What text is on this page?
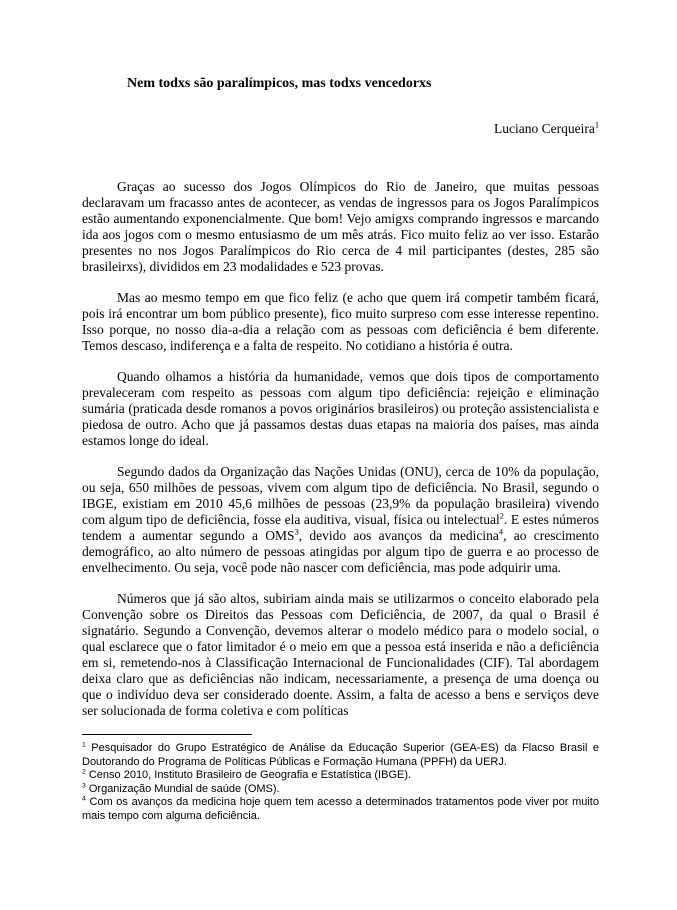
Nem todxs são paralímpicos, mas todxs vencedorxs
Luciano Cerqueira$^1$

Graças ao sucesso dos Jogos Olímpicos do Rio de Janeiro, que muitas pessoas declaravam um fracasso antes de acontecer, as vendas de ingressos para os Jogos Paralímpicos estão aumentando exponencialmente. Que bom! Vejo amigxs comprando ingressos e marcando ida aos jogos com o mesmo entusiasmo de um mês atrás. Fico muito feliz ao ver isso. Estarão presentes no nos Jogos Paralímpicos do Rio cerca de 4 mil participantes (destes, 285 são brasileirxs), divididos em 23 modalidades e 523 provas.

Mas ao mesmo tempo em que fico feliz (e acho que quem irá competir também ficará, pois irá encontrar um bom público presente), fico muito surpreso com esse interesse repentino. Isso porque, no nosso dia-a-dia a relação com as pessoas com deficiência é bem diferente. Temos descaso, indiferença e a falta de respeito. No cotidiano a história é outra.

Quando olhamos a história da humanidade, vemos que dois tipos de comportamento prevaleceram com respeito as pessoas com algum tipo deficiência: rejeição e eliminação sumária (praticada desde romanos a povos originários brasileiros) ou proteção assistencialista e piedosa de outro. Acho que já passamos destas duas etapas na maioria dos países, mas ainda estamos longe do ideal.

Segundo dados da Organização das Nações Unidas (ONU), cerca de 10% da população, ou seja, 650 milhões de pessoas, vivem com algum tipo de deficiência. No Brasil, segundo o IBGE, existiam em 2010 45,6 milhões de pessoas (23,9% da população brasileira) vivendo com algum tipo de deficiência, fosse ela auditiva, visual, física ou intelectual$^2$. E estes números tendem a aumentar segundo a OMS$^3$, devido aos avanços da medicina$^4$, ao crescimento demográfico, ao alto número de pessoas atingidas por algum tipo de guerra e ao processo de envelhecimento. Ou seja, você pode não nascer com deficiência, mas pode adquirir uma.

Números que já são altos, subiriam ainda mais se utilizarmos o conceito elaborado pela Convenção sobre os Direitos das Pessoas com Deficiência, de 2007, da qual o Brasil é signatário. Segundo a Convenção, devemos alterar o modelo médico para o modelo social, o qual esclarece que o fator limitador é o meio em que a pessoa está inserida e não a deficiência em si, remetendo-nos à Classificação Internacional de Funcionalidades (CIF). Tal abordagem deixa claro que as deficiências não indicam, necessariamente, a presença de uma doença ou que o indivíduo deva ser considerado doente. Assim, a falta de acesso a bens e serviços deve ser solucionada de forma coletiva e com políticas

$^1$ Pesquisador do Grupo Estratégico de Análise da Educação Superior (GEA-ES) da Flacso Brasil e Doutorando do Programa de Políticas Públicas e Formação Humana (PPFH) da UERJ.

$^2$ Censo 2010, Instituto Brasileiro de Geografia e Estatística (IBGE).

$^3$ Organização Mundial de saúde (OMS).

$^4$ Com os avanços da medicina hoje quem tem acesso a determinados tratamentos pode viver por muito mais tempo com alguma deficiência.
